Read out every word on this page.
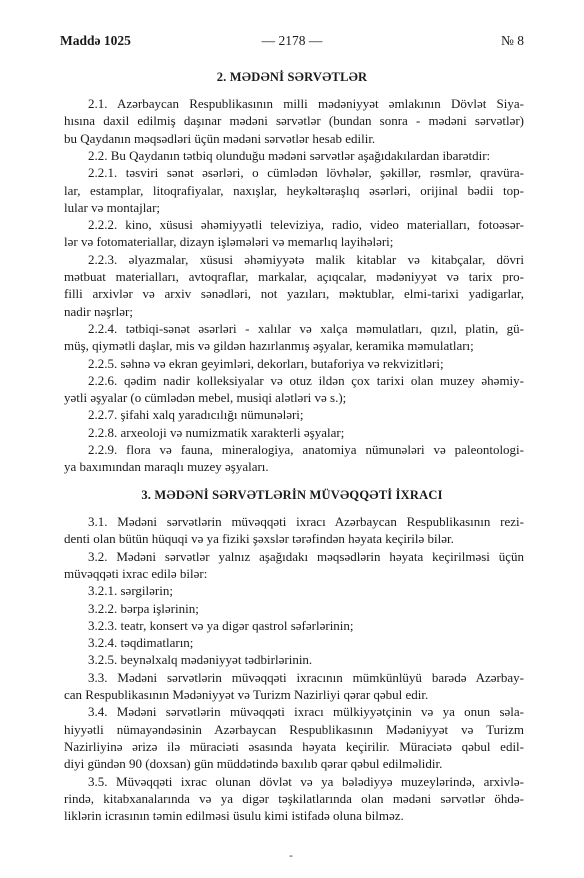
Maddə 1025	— 2178 —	№ 8
2. MƏDƏNİ SƏRVƏTLƏR
2.1. Azərbaycan Respublikasının milli mədəniyyət əmlakının Dövlət Siya-
hısına daxil edilmiş daşınar mədəni sərvətlər (bundan sonra - mədəni sərvətlər)
bu Qaydanın məqsədləri üçün mədəni sərvətlər hesab edilir.
2.2. Bu Qaydanın tətbiq olunduğu mədəni sərvətlər aşağıdakılardan ibarətdir:
2.2.1. təsviri sənət əsərləri, o cümlədən lövhələr, şəkillər, rəsmlər, qravüra-
lar, estamplar, litoqrafiyalar, naxışlar, heykəltəraşlıq əsərləri, orijinal bədii top-
lular və montajlar;
2.2.2. kino, xüsusi əhəmiyyətli televiziya, radio, video materialları, fotoəsər-
lər və fotomateriallar, dizayn işləmələri və memarlıq layihələri;
2.2.3. əlyazmalar, xüsusi əhəmiyyətə malik kitablar və kitabçalar, dövri
mətbuat materialları, avtoqraflar, markalar, açıqcalar, mədəniyyət və tarix pro-
filli arxivlər və arxiv sənədləri, not yazıları, məktublar, elmi-tarixi yadigarlar,
nadir nəşrlər;
2.2.4. tətbiqi-sənət əsərləri - xalılar və xalça məmulatları, qızıl, platin, gü-
müş, qiymətli daşlar, mis və gildən hazırlanmış əşyalar, keramika məmulatları;
2.2.5. səhnə və ekran geyimləri, dekorları, butaforiya və rekvizitləri;
2.2.6. qədim nadir kolleksiyalar və otuz ildən çox tarixi olan muzey əhəmiy-
yətli əşyalar (o cümlədən mebel, musiqi alətləri və s.);
2.2.7. şifahi xalq yaradıcılığı nümunələri;
2.2.8. arxeoloji və numizmatik xarakterli əşyalar;
2.2.9. flora və fauna, mineralogiya, anatomiya nümunələri və paleontologi-
ya baxımından maraqlı muzey əşyaları.
3. MƏDƏNİ SƏRVƏTLƏRİN MÜVƏQQƏTİ İXRACI
3.1. Mədəni sərvətlərin müvəqqəti ixracı Azərbaycan Respublikasının rezi-
denti olan bütün hüquqi və ya fiziki şəxslər tərəfindən həyata keçirilə bilər.
3.2. Mədəni sərvətlər yalnız aşağıdakı məqsədlərin həyata keçirilməsi üçün
müvəqqəti ixrac edilə bilər:
3.2.1. sərgilərin;
3.2.2. bərpa işlərinin;
3.2.3. teatr, konsert və ya digər qastrol səfərlərinin;
3.2.4. təqdimatların;
3.2.5. beynəlxalq mədəniyyət tədbirlərinin.
3.3. Mədəni sərvətlərin müvəqqəti ixracının mümkünlüyü barədə Azərbay-
can Respublikasının Mədəniyyət və Turizm Nazirliyi qərar qəbul edir.
3.4. Mədəni sərvətlərin müvəqqəti ixracı mülkiyyətçinin və ya onun səla-
hiyyətli nümayəndəsinin Azərbaycan Respublikasının Mədəniyyət və Turizm
Nazirliyinə ərizə ilə müraciəti əsasında həyata keçirilir. Müraciətə qəbul edil-
diyi gündən 90 (doxsan) gün müddətində baxılıb qərar qəbul edilməlidir.
3.5. Müvəqqəti ixrac olunan dövlət və ya bələdiyyə muzeylərində, arxivlə-
rində, kitabxanalarında və ya digər təşkilatlarında olan mədəni sərvətlər öhdə-
liklərin icrasının təmin edilməsi üsulu kimi istifadə oluna bilməz.
-
